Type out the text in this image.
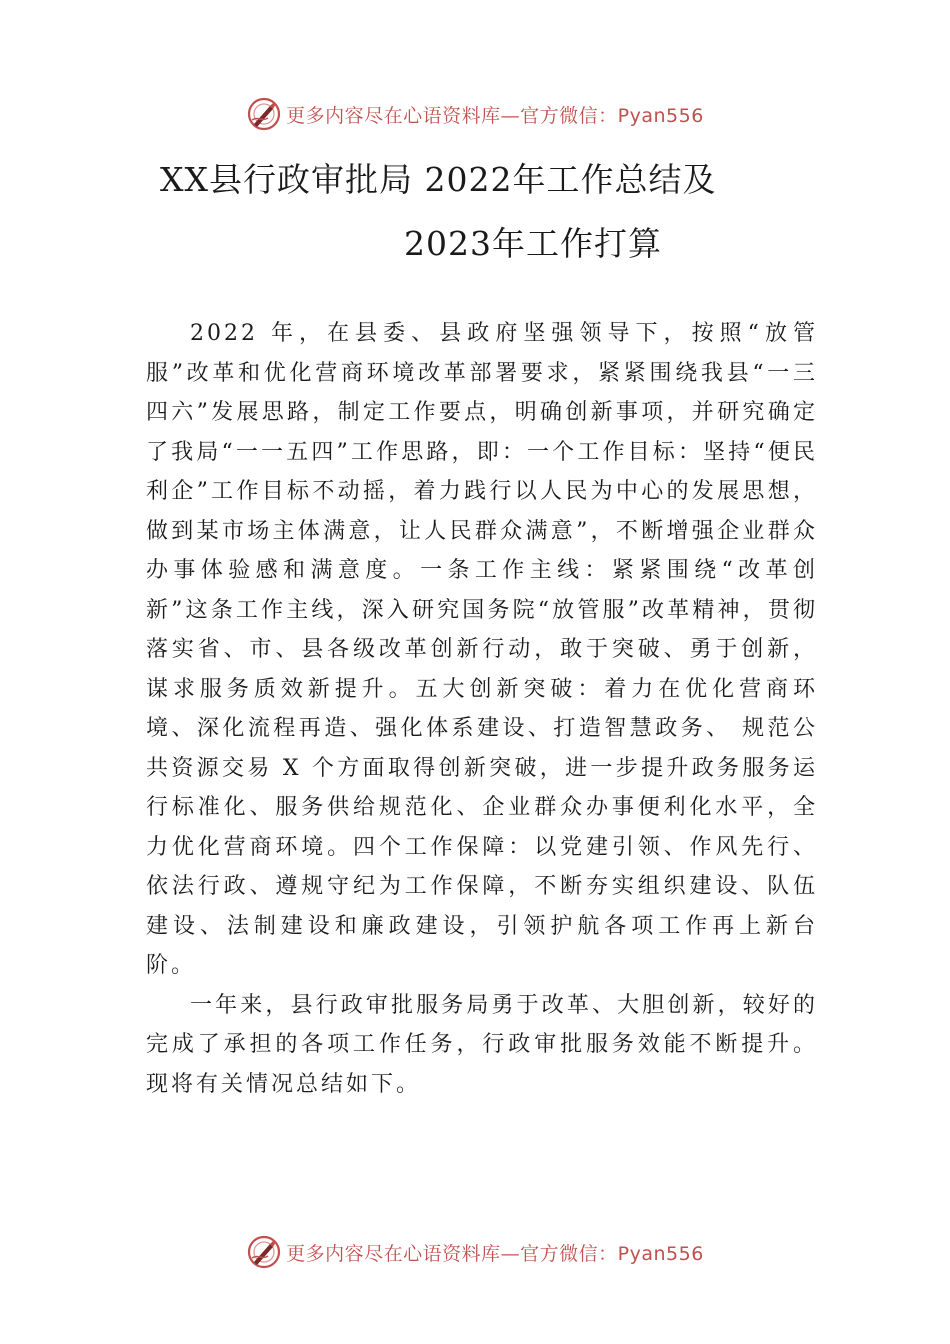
更多内容尽在心语资料库—官方微信：Pyan556
XX县行政审批局 2022年工作总结及
2023年工作打算

2022 年，在县委、县政府坚强领导下，按照“放管服”改革和优化营商环境改革部署要求，紧紧围绕我县“一三四六”发展思路，制定工作要点，明确创新事项，并研究确定了我局“一一五四”工作思路，即：一个工作目标：坚持“便民利企”工作目标不动摇，着力践行以人民为中心的发展思想，做到某市场主体满意，让人民群众满意”，不断增强企业群众办事体验感和满意度。一条工作主线：紧紧围绕“改革创新”这条工作主线，深入研究国务院“放管服”改革精神，贯彻落实省、市、县各级改革创新行动，敢于突破、勇于创新，谋求服务质效新提升。五大创新突破：着力在优化营商环境、深化流程再造、强化体系建设、打造智慧政务、 规范公共资源交易 X 个方面取得创新突破，进一步提升政务服务运行标准化、服务供给规范化、企业群众办事便利化水平，全力优化营商环境。四个工作保障：以党建引领、作风先行、依法行政、遵规守纪为工作保障，不断夯实组织建设、队伍建设、法制建设和廉政建设，引领护航各项工作再上新台阶。

一年来，县行政审批服务局勇于改革、大胆创新，较好的完成了承担的各项工作任务，行政审批服务效能不断提升。现将有关情况总结如下。

更多内容尽在心语资料库—官方微信：Pyan556
